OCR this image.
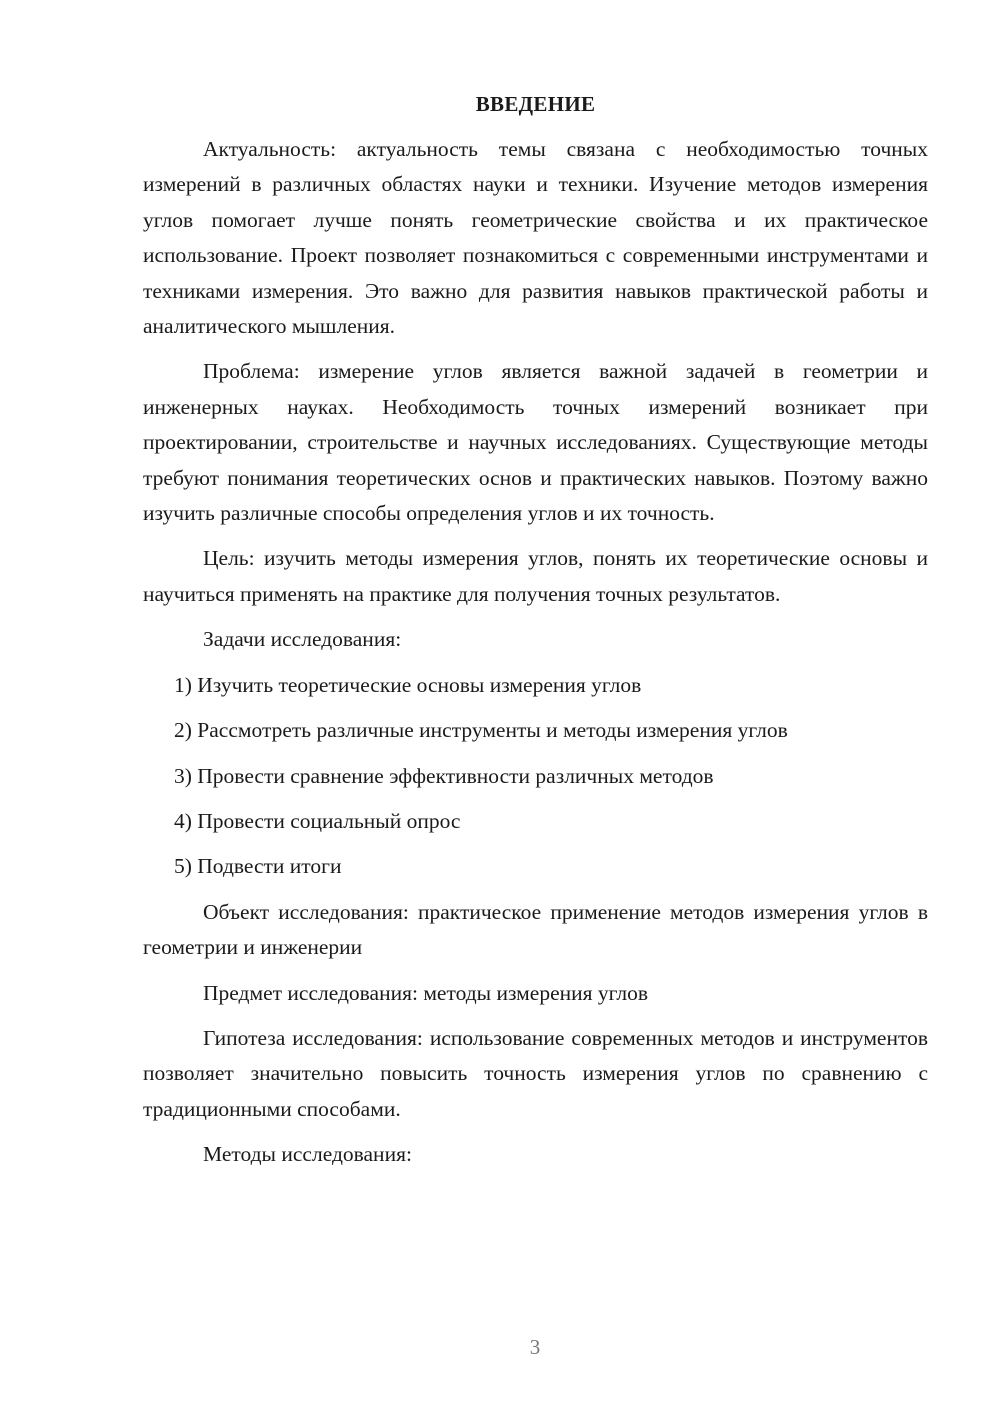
ВВЕДЕНИЕ

Актуальность: актуальность темы связана с необходимостью точных измерений в различных областях науки и техники. Изучение методов измерения углов помогает лучше понять геометрические свойства и их практическое использование. Проект позволяет познакомиться с современными инструментами и техниками измерения. Это важно для развития навыков практической работы и аналитического мышления.

Проблема: измерение углов является важной задачей в геометрии и инженерных науках. Необходимость точных измерений возникает при проектировании, строительстве и научных исследованиях. Существующие методы требуют понимания теоретических основ и практических навыков. Поэтому важно изучить различные способы определения углов и их точность.

Цель: изучить методы измерения углов, понять их теоретические основы и научиться применять на практике для получения точных результатов.

Задачи исследования:

1) Изучить теоретические основы измерения углов
2) Рассмотреть различные инструменты и методы измерения углов
3) Провести сравнение эффективности различных методов
4) Провести социальный опрос
5) Подвести итоги

Объект исследования: практическое применение методов измерения углов в геометрии и инженерии

Предмет исследования: методы измерения углов

Гипотеза исследования: использование современных методов и инструментов позволяет значительно повысить точность измерения углов по сравнению с традиционными способами.

Методы исследования:

3
